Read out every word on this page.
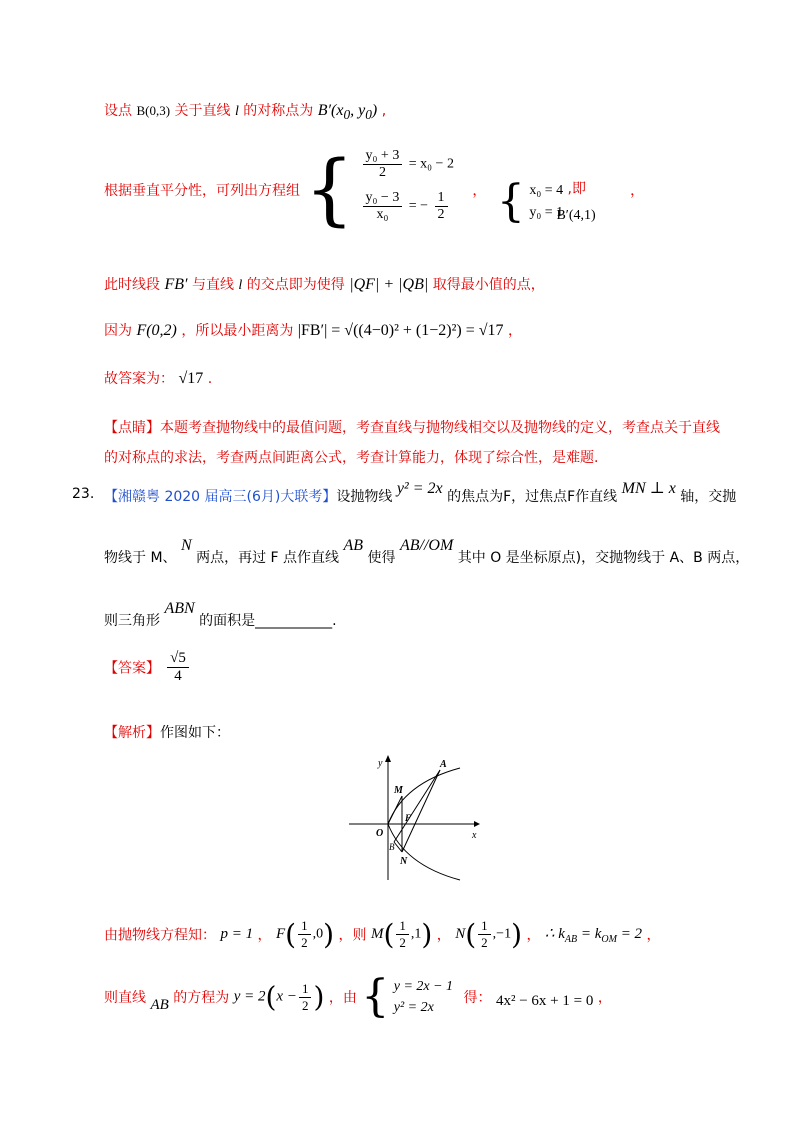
设点 B(0,3) 关于直线 l 的对称点为 $B'(x_0$, $y_0$) ,
根据垂直平分性，可列出方程组 { $\frac{\text{y₀ + 3}}{2} = x_0 - 2$
$\frac{\text{y₀ − 3}}{\text{x₀}}$ = − $\frac{1}{2}$ ， { x₀ = 4
y₀ = 1
,即 B′(4,1) ，
此时线段 FB′ 与直线 l 的交点即为使得 |QF| + |QB| 取得最小值的点，
因为 F(0,2) ，所以最小距离为 |FB′| = √((4−0)² + (1−2)²) = √17 ，
故答案为： √17 .
【点睛】本题考查抛物线中的最值问题，考查直线与抛物线相交以及抛物线的定义，考查点关于直线
的对称点的求法，考查两点间距离公式，考查计算能力，体现了综合性，是难题.
23. 【湘赣粤 2020 届高三(6月)大联考】设抛物线 y² = 2x 的焦点为F，过焦点F作直线 MN ⊥ x 轴，交抛
物线于 M、 N 两点，再过 F 点作直线 AB 使得 AB//OM 其中 O 是坐标原点)，交抛物线于 A、B 两点，
则三角形 ABN 的面积是___________.
【答案】 $\frac{√5}{4}$
【解析】作图如下：
y
x
O
M
A
F
B
N
由抛物线方程知： p = 1 ， $F( \frac{1}{2} ,0)$ ，则 $M( \frac{1}{2} ,1)$ ， $N( \frac{1}{2} ,-1)$ ， ∴ $k_{AB} = k_{OM} = 2$ ，
则直线 AB 的方程为 $y = 2(x - \frac{1}{2}$ ) ，由 { y = 2x − 1
y² = 2x
得： 4x² − 6x + 1 = 0 ，
